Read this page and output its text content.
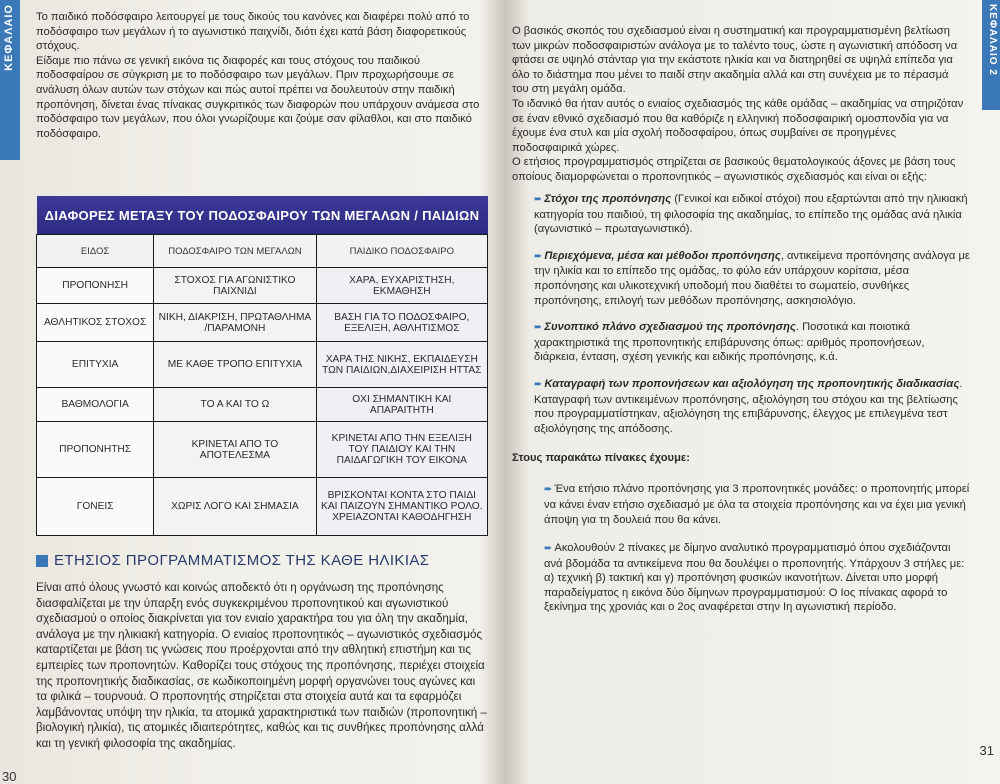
ΚΕΦΑΛΑΙΟ Το παιδικό ποδόσφαιρο λειτουργεί με τους δικούς του κανόνες και διαφέρει πολύ από το ποδόσφαιρο των μεγάλων ή το αγωνιστικό παιχνίδι, διότι έχει κατά βάση διαφορετικούς στόχους.

Είδαμε πιο πάνω σε γενική εικόνα τις διαφορές και τους στόχους του παιδικού ποδοσφαίρου σε σύγκριση με το ποδόσφαιρο των μεγάλων. Πριν προχωρήσουμε σε ανάλυση όλων αυτών των στόχων και πώς αυτοί πρέπει να δουλευτούν στην παιδική προπόνηση, δίνεται ένας πίνακας συγκριτικός των διαφορών που υπάρχουν ανάμεσα στο ποδόσφαιρο των μεγάλων, που όλοι γνωρίζουμε και ζούμε σαν φίλαθλοι, και στο παιδικό ποδόσφαιρο.

ΔΙΑΦΟΡΕΣ ΜΕΤΑΞΥ ΤΟΥ ΠΟΔΟΣΦΑΙΡΟΥ ΤΩΝ ΜΕΓΑΛΩΝ / ΠΑΙΔΙΩΝ		
ΕΙΔΟΣ	ΠΟΔΟΣΦΑΙΡΟ ΤΩΝ ΜΕΓΑΛΩΝ	ΠΑΙΔΙΚΟ ΠΟΔΟΣΦΑΙΡΟ
ΠΡΟΠΟΝΗΣΗ	ΣΤΟΧΟΣ ΓΙΑ ΑΓΩΝΙΣΤΙΚΟ ΠΑΙΧΝΙΔΙ	ΧΑΡΑ, ΕΥΧΑΡΙΣΤΗΣΗ, ΕΚΜΑΘΗΣΗ
ΑΘΛΗΤΙΚΟΣ ΣΤΟΧΟΣ	ΝΙΚΗ, ΔΙΑΚΡΙΣΗ, ΠΡΩΤΑΘΛΗΜΑ /ΠΑΡΑΜΟΝΗ	ΒΑΣΗ ΓΙΑ ΤΟ ΠΟΔΟΣΦΑΙΡΟ, ΕΞΕΛΙΞΗ, ΑΘΛΗΤΙΣΜΟΣ
ΕΠΙΤΥΧΙΑ	ΜΕ ΚΑΘΕ ΤΡΟΠΟ ΕΠΙΤΥΧΙΑ	ΧΑΡΑ ΤΗΣ ΝΙΚΗΣ, ΕΚΠΑΙΔΕΥΣΗ ΤΩΝ ΠΑΙΔΙΩΝ,ΔΙΑΧΕΙΡΙΣΗ ΗΤΤΑΣ
ΒΑΘΜΟΛΟΓΙΑ	ΤΟ Α ΚΑΙ ΤΟ Ω	ΟΧΙ ΣΗΜΑΝΤΙΚΗ ΚΑΙ ΑΠΑΡΑΙΤΗΤΗ
ΠΡΟΠΟΝΗΤΗΣ	ΚΡΙΝΕΤΑΙ ΑΠΟ ΤΟ ΑΠΟΤΕΛΕΣΜΑ	ΚΡΙΝΕΤΑΙ ΑΠΟ ΤΗΝ ΕΞΕΛΙΞΗ ΤΟΥ ΠΑΙΔΙΟΥ ΚΑΙ ΤΗΝ ΠΑΙΔΑΓΩΓΙΚΗ ΤΟΥ ΕΙΚΟΝΑ
ΓΟΝΕΙΣ	ΧΩΡΙΣ ΛΟΓΟ ΚΑΙ ΣΗΜΑΣΙΑ	ΒΡΙΣΚΟΝΤΑΙ ΚΟΝΤΑ ΣΤΟ ΠΑΙΔΙ ΚΑΙ ΠΑΙΖΟΥΝ ΣΗΜΑΝΤΙΚΟ ΡΟΛΟ. ΧΡΕΙΑΖΟΝΤΑΙ ΚΑΘΟΔΗΓΗΣΗ
ΕΤΗΣΙΟΣ ΠΡΟΓΡΑΜΜΑΤΙΣΜΟΣ ΤΗΣ ΚΑΘΕ ΗΛΙΚΙΑΣ

Είναι από όλους γνωστό και κοινώς αποδεκτό ότι η οργάνωση της προπόνησης διασφαλίζεται με την ύπαρξη ενός συγκεκριμένου προπονητικού και αγωνιστικού σχεδιασμού ο οποίος διακρίνεται για τον ενιαίο χαρακτήρα του για όλη την ακαδημία, ανάλογα με την ηλικιακή κατηγορία. Ο ενιαίος προπονητικός – αγωνιστικός σχεδιασμός καταρτίζεται με βάση τις γνώσεις που προέρχονται από την αθλητική επιστήμη και τις εμπειρίες των προπονητών. Καθορίζει τους στόχους της προπόνησης, περιέχει στοιχεία της προπονητικής διαδικασίας, σε κωδικοποιημένη μορφή οργανώνει τους αγώνες και τα φιλικά – τουρνουά. Ο προπονητής στηρίζεται στα στοιχεία αυτά και τα εφαρμόζει λαμβάνοντας υπόψη την ηλικία, τα ατομικά χαρακτηριστικά των παιδιών (προπονητική – βιολογική ηλικία), τις ατομικές ιδιαιτερότητες, καθώς και τις συνθήκες προπόνησης αλλά και τη γενική φιλοσοφία της ακαδημίας.

30
ΚΕΦΑΛΑΙΟ 2

Ο βασικός σκοπός του σχεδιασμού είναι η συστηματική και προγραμματισμένη βελτίωση των μικρών ποδοσφαιριστών ανάλογα με το ταλέντο τους, ώστε η αγωνιστική απόδοση να φτάσει σε υψηλό στάνταρ για την εκάστοτε ηλικία και να διατηρηθεί σε υψηλά επίπεδα για όλο το διάστημα που μένει το παιδί στην ακαδημία αλλά και στη συνέχεια με το πέρασμά του στη μεγάλη ομάδα.

Το ιδανικό θα ήταν αυτός ο ενιαίος σχεδιασμός της κάθε ομάδας – ακαδημίας να στηριζόταν σε έναν εθνικό σχεδιασμό που θα καθόριζε η ελληνική ποδοσφαιρική ομοσπονδία για να έχουμε ένα στυλ και μία σχολή ποδοσφαίρου, όπως συμβαίνει σε προηγμένες ποδοσφαιρικά χώρες.

Ο ετήσιος προγραμματισμός στηρίζεται σε βασικούς θεματολογικούς άξονες με βάση τους οποίους διαμορφώνεται ο προπονητικός – αγωνιστικός σχεδιασμός και είναι οι εξής:

➨ Στόχοι της προπόνησης (Γενικοί και ειδικοί στόχοι) που εξαρτώνται από την ηλικιακή κατηγορία του παιδιού, τη φιλοσοφία της ακαδημίας, το επίπεδο της ομάδας ανά ηλικία (αγωνιστικό – πρωταγωνιστικό).

➨ Περιεχόμενα, μέσα και μέθοδοι προπόνησης, αντικείμενα προπόνησης ανάλογα με την ηλικία και το επίπεδο της ομάδας, το φύλο εάν υπάρχουν κορίτσια, μέσα προπόνησης και υλικοτεχνική υποδομή που διαθέτει το σωματείο, συνθήκες προπόνησης, επιλογή των μεθόδων προπόνησης, ασκησιολόγιο.

➨ Συνοπτικό πλάνο σχεδιασμού της προπόνησης. Ποσοτικά και ποιοτικά χαρακτηριστικά της προπονητικής επιβάρυνσης όπως: αριθμός προπονήσεων, διάρκεια, ένταση, σχέση γενικής και ειδικής προπόνησης, κ.ά.

➨ Καταγραφή των προπονήσεων και αξιολόγηση της προπονητικής διαδικασίας. Καταγραφή των αντικειμένων προπόνησης, αξιολόγηση του στόχου και της βελτίωσης που προγραμματίστηκαν, αξιολόγηση της επιβάρυνσης, έλεγχος με επιλεγμένα τεστ αξιολόγησης της απόδοσης.

Στους παρακάτω πίνακες έχουμε:

➨ Ένα ετήσιο πλάνο προπόνησης για 3 προπονητικές μονάδες: ο προπονητής μπορεί να κάνει έναν ετήσιο σχεδιασμό με όλα τα στοιχεία προπόνησης και να έχει μια γενική άποψη για τη δουλειά που θα κάνει.

➨ Ακολουθούν 2 πίνακες με δίμηνο αναλυτικό προγραμματισμό όπου σχεδιάζονται ανά βδομάδα τα αντικείμενα που θα δουλέψει ο προπονητής. Υπάρχουν 3 στήλες με: α) τεχνική β) τακτική και γ) προπόνηση φυσικών ικανοτήτων. Δίνεται υπο μορφή παραδείγματος η εικόνα δύο δίμηνων προγραμματισμού: Ο Ιος πίνακας αφορά το ξεκίνημα της χρονιάς και ο 2ος αναφέρεται στην Ιη αγωνιστική περίοδο.

31
